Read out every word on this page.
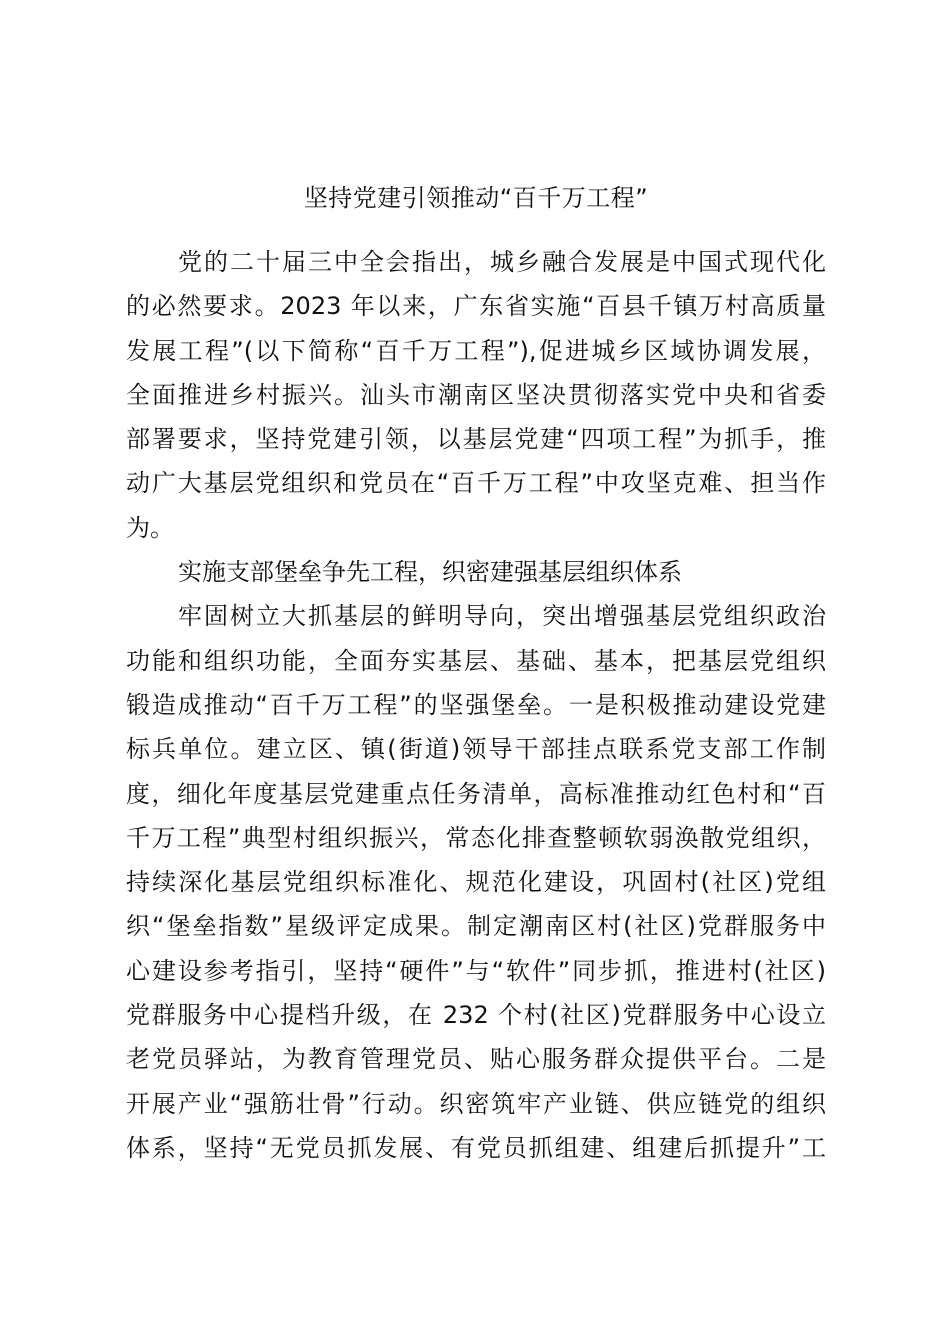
坚持党建引领推动“百千万工程”
党的二十届三中全会指出，城乡融合发展是中国式现代化
的必然要求。2023 年以来，广东省实施“百县千镇万村高质量
发展工程”(以下简称“百千万工程”),促进城乡区域协调发展，
全面推进乡村振兴。汕头市潮南区坚决贯彻落实党中央和省委
部署要求，坚持党建引领，以基层党建“四项工程”为抓手，推
动广大基层党组织和党员在“百千万工程”中攻坚克难、担当作
为。
实施支部堡垒争先工程，织密建强基层组织体系
牢固树立大抓基层的鲜明导向，突出增强基层党组织政治
功能和组织功能，全面夯实基层、基础、基本，把基层党组织
锻造成推动“百千万工程”的坚强堡垒。一是积极推动建设党建
标兵单位。建立区、镇(街道)领导干部挂点联系党支部工作制
度，细化年度基层党建重点任务清单，高标准推动红色村和“百
千万工程”典型村组织振兴，常态化排查整顿软弱涣散党组织，
持续深化基层党组织标准化、规范化建设，巩固村(社区)党组
织“堡垒指数”星级评定成果。制定潮南区村(社区)党群服务中
心建设参考指引，坚持“硬件”与“软件”同步抓，推进村(社区)
党群服务中心提档升级，在 232 个村(社区)党群服务中心设立
老党员驿站，为教育管理党员、贴心服务群众提供平台。二是
开展产业“强筋壮骨”行动。织密筑牢产业链、供应链党的组织
体系，坚持“无党员抓发展、有党员抓组建、组建后抓提升”工
